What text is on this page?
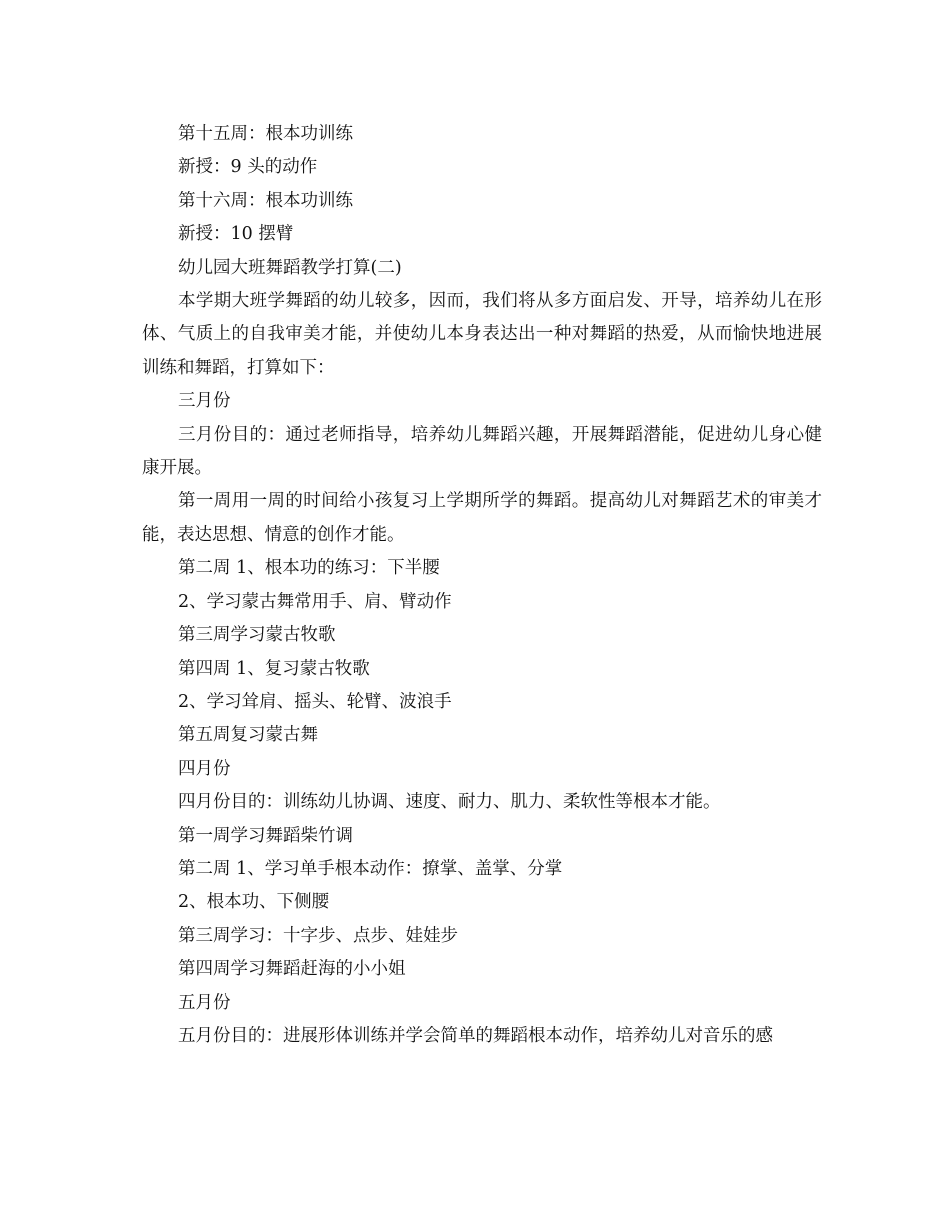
第十五周：根本功训练

新授：9 头的动作

第十六周：根本功训练

新授：10 摆臂

幼儿园大班舞蹈教学打算(二)

本学期大班学舞蹈的幼儿较多，因而，我们将从多方面启发、开导，培养幼儿在形体、气质上的自我审美才能，并使幼儿本身表达出一种对舞蹈的热爱，从而愉快地进展训练和舞蹈，打算如下：

三月份

三月份目的：通过老师指导，培养幼儿舞蹈兴趣，开展舞蹈潜能，促进幼儿身心健康开展。

第一周用一周的时间给小孩复习上学期所学的舞蹈。提高幼儿对舞蹈艺术的审美才能，表达思想、情意的创作才能。

第二周 1、根本功的练习：下半腰

2、学习蒙古舞常用手、肩、臂动作

第三周学习蒙古牧歌

第四周 1、复习蒙古牧歌

2、学习耸肩、摇头、轮臂、波浪手

第五周复习蒙古舞

四月份

四月份目的：训练幼儿协调、速度、耐力、肌力、柔软性等根本才能。

第一周学习舞蹈柴竹调

第二周 1、学习单手根本动作：撩掌、盖掌、分掌

2、根本功、下侧腰

第三周学习：十字步、点步、娃娃步

第四周学习舞蹈赶海的小小姐

五月份

五月份目的：进展形体训练并学会简单的舞蹈根本动作，培养幼儿对音乐的感
